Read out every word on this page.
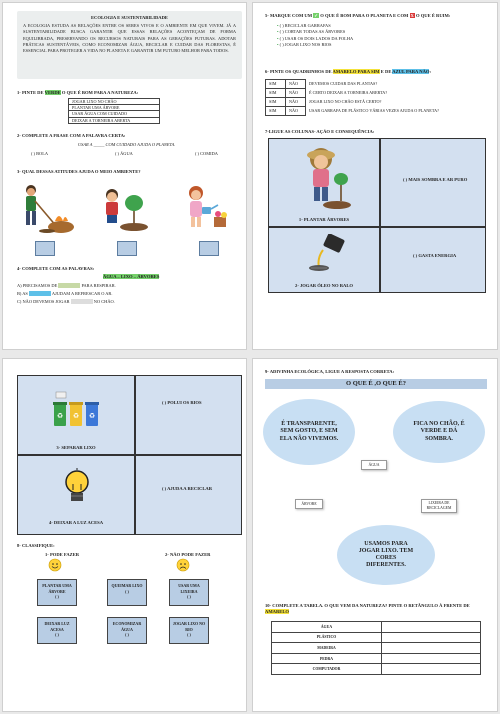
ECOLOGIA E SUSTENTABILIDADE
A ECOLOGIA ESTUDA AS RELAÇÕES ENTRE OS SERES VIVOS E O AMBIENTE EM QUE VIVEM. JÁ A SUSTENTABILIDADE BUSCA GARANTIR QUE ESSAS RELAÇÕES ACONTEÇAM DE FORMA EQUILIBRADA, PRESERVANDO OS RECURSOS NATURAIS PARA AS GERAÇÕES FUTURAS. ADOTAR PRÁTICAS SUSTENTÁVEIS, COMO ECONOMIZAR ÁGUA, RECICLAR E CUIDAR DAS FLORESTAS, É ESSENCIAL PARA PROTEGER A VIDA NO PLANETA E GARANTIR UM FUTURO MELHOR PARA TODOS.
1- PINTE DE VERDE O QUE É BOM PARA A NATUREZA:
JOGAR LIXO NO CHÃO
PLANTAR UMA ÁRVORE
USAR ÁGUA COM CUIDADO
DEIXAR A TORNEIRA ABERTA
2- COMPLETE A FRASE COM A PALAVRA CERTA:
USAR A _____ COM CUIDADO AJUDA O PLANETA.
( ) BOLA	( ) ÁGUA	( ) COMIDA
3- QUAL DESSAS ATITUDES AJUDA O MEIO AMBIENTE?
4- COMPLETE COM AS PALAVRAS:
ÁGUA – LIXO – ÁRVORES
A) PRECISAMOS DE	PARA RESPIRAR.
B) AS	AJUDAM A REFRESCAR O AR.
C) NÃO DEVEMOS JOGAR	NO CHÃO.
5- MARQUE COM UM ✓ O QUE É BOM PARA O PLANETA E COM X O QUE É RUIM:
• ( ) RECICLAR GARRAFAS
• ( ) CORTAR TODAS AS ÁRVORES
• ( ) USAR OS DOIS LADOS DA FOLHA
• ( ) JOGAR LIXO NOS RIOS
6- PINTE OS QUADRINHOS DE AMARELO PARA SIM E DE AZUL PARA NÃO:
SIM	NÃO	DEVEMOS CUIDAR DAS PLANTAS?
SIM	NÃO	É CERTO DEIXAR A TORNEIRA ABERTA?
SIM	NÃO	JOGAR LIXO NO CHÃO ESTÁ CERTO?
SIM	NÃO	USAR GARRAFA DE PLÁSTICO VÁRIAS VEZES AJUDA O PLANETA?
7-LIGUE AS COLUNAS- AÇÃO E CONSEQUÊNCIA:
1- PLANTAR ÁRVORES
( ) MAIS SOMBRA E AR PURO
2- JOGAR ÓLEO NO RALO
( ) GASTA ENERGIA
♻ ♻ ♻
3- SEPARAR LIXO
( ) POLUI OS RIOS
4- DEIXAR A LUZ ACESA
( ) AJUDA A RECICLAR
8- CLASSIFIQUE:
1- PODE FAZER	2- NÃO PODE FAZER
PLANTAR UMA ÁRVORE
( )
QUEIMAR LIXO
( )
USAR UMA LIXEIRA
( )
DEIXAR LUZ ACESA
( )
ECONOMIZAR ÁGUA
( )
JOGAR LIXO NO RIO
( )
9- ADIVINHA ECOLÓGICA, LIGUE A RESPOSTA CORRETA:
O QUE É ,O QUE É?
É TRANSPARENTE, SEM GOSTO, E SEM ELA NÃO VIVEMOS.
FICA NO CHÃO, É VERDE E DÁ SOMBRA.
ÁGUA
ÁRVORE	LIXEIRA DE RECICLAGEM
USAMOS PARA JOGAR LIXO. TEM CORES DIFERENTES.
10- COMPLETE A TABELA. O QUE VEM DA NATUREZA? PINTE O RETÂNGULO À FRENTE DE AMARELO
ÁGUA	
PLÁSTICO	
MADEIRA	
PEDRA	
COMPUTADOR	
